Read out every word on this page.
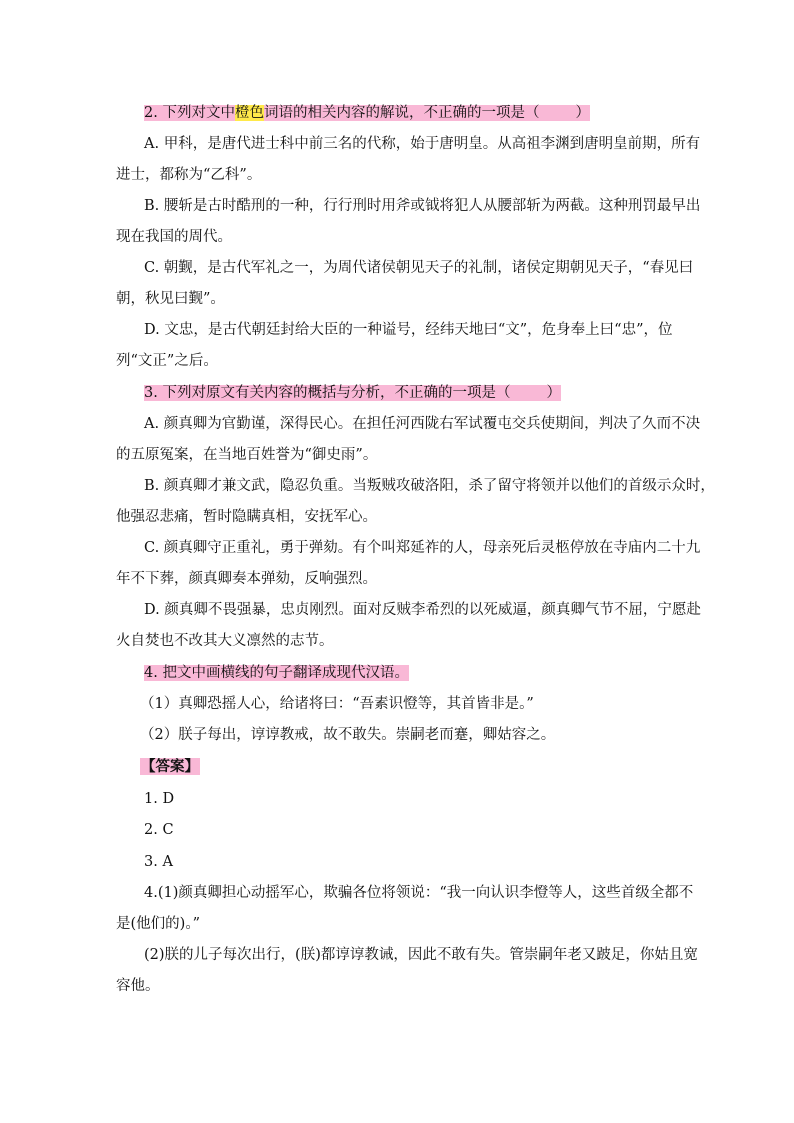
2. 下列对文中橙色词语的相关内容的解说，不正确的一项是（ ）
A. 甲科，是唐代进士科中前三名的代称，始于唐明皇。从高祖李渊到唐明皇前期，所有
进士，都称为“乙科”。
B. 腰斩是古时酷刑的一种，行行刑时用斧或钺将犯人从腰部斩为两截。这种刑罚最早出
现在我国的周代。
C. 朝觐，是古代军礼之一，为周代诸侯朝见天子的礼制，诸侯定期朝见天子，“春见曰
朝，秋见曰觐”。
D. 文忠，是古代朝廷封给大臣的一种谥号，经纬天地曰“文”，危身奉上曰“忠”，位
列“文正”之后。
3. 下列对原文有关内容的概括与分析，不正确的一项是（ ）
A. 颜真卿为官勤谨，深得民心。在担任河西陇右军试覆屯交兵使期间，判决了久而不决
的五原冤案，在当地百姓誉为“御史雨”。
B. 颜真卿才兼文武，隐忍负重。当叛贼攻破洛阳，杀了留守将领并以他们的首级示众时，
他强忍悲痛，暂时隐瞒真相，安抚军心。
C. 颜真卿守正重礼，勇于弹劾。有个叫郑延祚的人，母亲死后灵柩停放在寺庙内二十九
年不下葬，颜真卿奏本弹劾，反响强烈。
D. 颜真卿不畏强暴，忠贞刚烈。面对反贼李希烈的以死威逼，颜真卿气节不屈，宁愿赴
火自焚也不改其大义凛然的志节。
4. 把文中画横线的句子翻译成现代汉语。
（1）真卿恐摇人心，给诸将曰：“吾素识憕等，其首皆非是。”
（2）朕子每出，谆谆教戒，故不敢失。崇嗣老而蹇，卿姑容之。
【答案】
1. D
2. C
3. A
4.(1)颜真卿担心动摇军心，欺骗各位将领说：“我一向认识李憕等人，这些首级全都不
是(他们的)。”
(2)朕的儿子每次出行，(朕)都谆谆教诫，因此不敢有失。管崇嗣年老又跛足，你姑且宽
容他。
